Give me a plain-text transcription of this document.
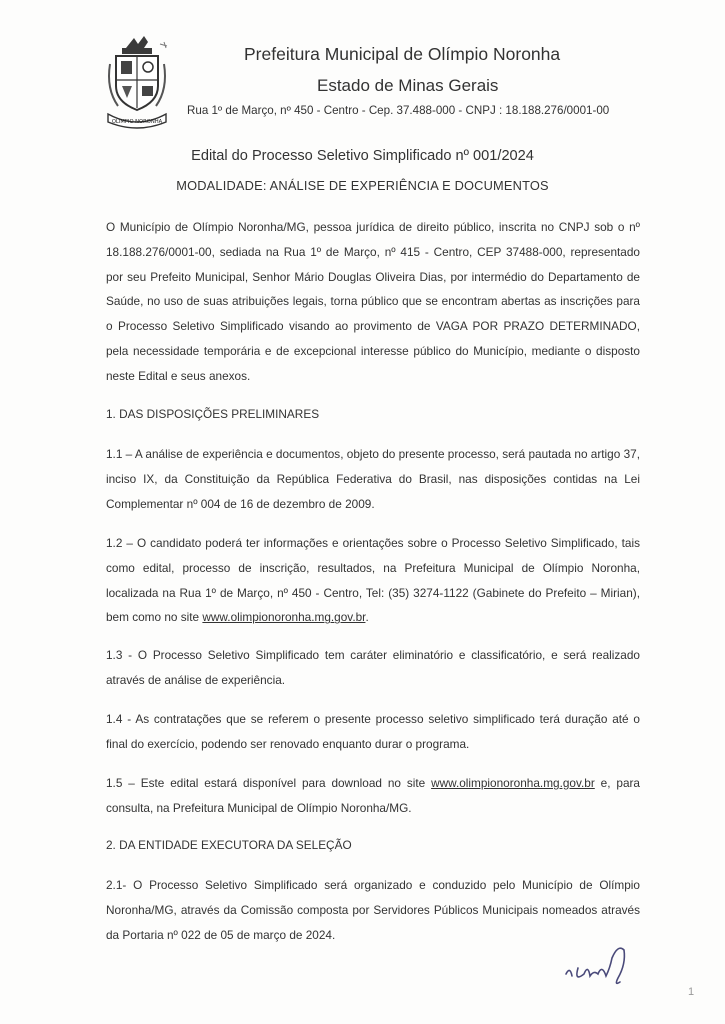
OLIMPIO NORONHA
Prefeitura Municipal de Olímpio Noronha
Estado de Minas Gerais
Rua 1º de Março, nº 450 - Centro - Cep. 37.488-000 - CNPJ : 18.188.276/0001-00
Edital do Processo Seletivo Simplificado nº 001/2024
MODALIDADE: ANÁLISE DE EXPERIÊNCIA E DOCUMENTOS
O Município de Olímpio Noronha/MG, pessoa jurídica de direito público, inscrita no CNPJ sob o nº 18.188.276/0001-00, sediada na Rua 1º de Março, nº 415 - Centro, CEP 37488-000, representado por seu Prefeito Municipal, Senhor Mário Douglas Oliveira Dias, por intermédio do Departamento de Saúde, no uso de suas atribuições legais, torna público que se encontram abertas as inscrições para o Processo Seletivo Simplificado visando ao provimento de VAGA POR PRAZO DETERMINADO, pela necessidade temporária e de excepcional interesse público do Município, mediante o disposto neste Edital e seus anexos.
1. DAS DISPOSIÇÕES PRELIMINARES
1.1 – A análise de experiência e documentos, objeto do presente processo, será pautada no artigo 37, inciso IX, da Constituição da República Federativa do Brasil, nas disposições contidas na Lei Complementar nº 004 de 16 de dezembro de 2009.
1.2 – O candidato poderá ter informações e orientações sobre o Processo Seletivo Simplificado, tais como edital, processo de inscrição, resultados, na Prefeitura Municipal de Olímpio Noronha, localizada na Rua 1º de Março, nº 450 - Centro, Tel: (35) 3274-1122 (Gabinete do Prefeito – Mirian), bem como no site www.olimpionoronha.mg.gov.br.
1.3 - O Processo Seletivo Simplificado tem caráter eliminatório e classificatório, e será realizado através de análise de experiência.
1.4 - As contratações que se referem o presente processo seletivo simplificado terá duração até o final do exercício, podendo ser renovado enquanto durar o programa.
1.5 – Este edital estará disponível para download no site www.olimpionoronha.mg.gov.br e, para consulta, na Prefeitura Municipal de Olímpio Noronha/MG.
2. DA ENTIDADE EXECUTORA DA SELEÇÃO
2.1- O Processo Seletivo Simplificado será organizado e conduzido pelo Município de Olímpio Noronha/MG, através da Comissão composta por Servidores Públicos Municipais nomeados através da Portaria nº 022 de 05 de março de 2024.
1
